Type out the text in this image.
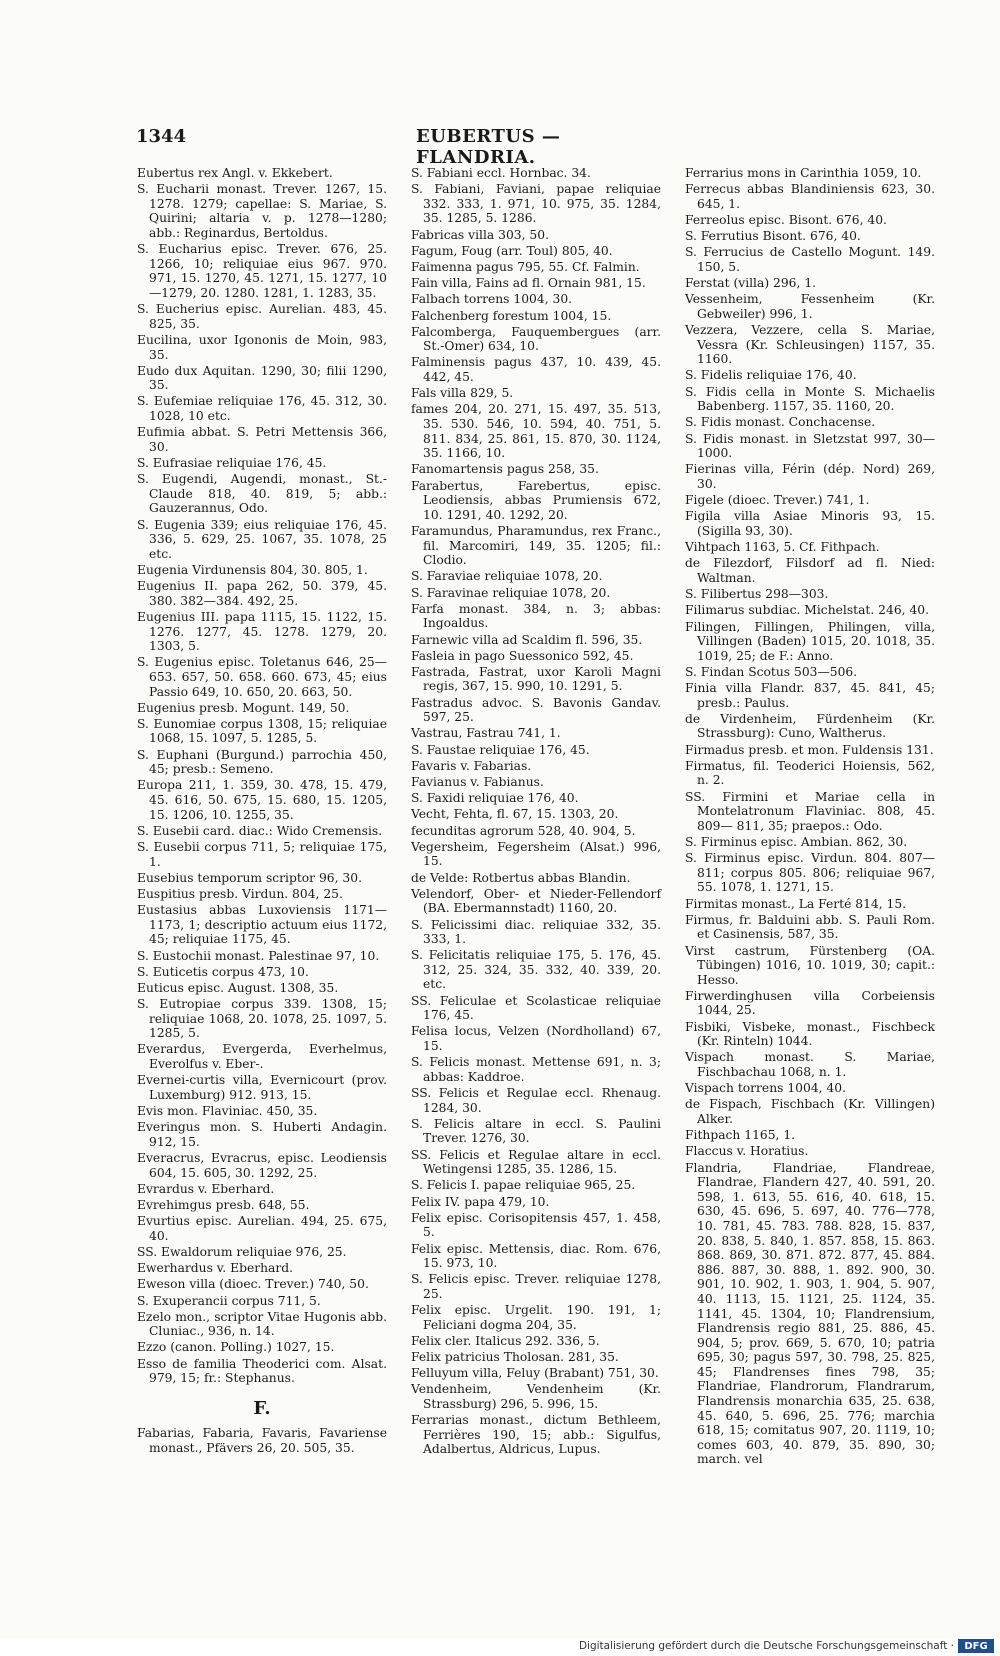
1344	EUBERTUS — FLANDRIA.

Eubertus rex Angl. v. Ekkebert.

S. Eucharii monast. Trever. 1267, 15. 1278. 1279; capellae: S. Mariae, S. Quirini; altaria v. p. 1278—1280; abb.: Reginardus, Bertoldus.

S. Eucharius episc. Trever. 676, 25. 1266, 10; reliquiae eius 967. 970. 971, 15. 1270, 45. 1271, 15. 1277, 10 —1279, 20. 1280. 1281, 1. 1283, 35.

S. Eucherius episc. Aurelian. 483, 45. 825, 35.

Eucilina, uxor Igononis de Moin, 983, 35.

Eudo dux Aquitan. 1290, 30; filii 1290, 35.

S. Eufemiae reliquiae 176, 45. 312, 30. 1028, 10 etc.

Eufimia abbat. S. Petri Mettensis 366, 30.

S. Eufrasiae reliquiae 176, 45.

S. Eugendi, Augendi, monast., St.-Claude 818, 40. 819, 5; abb.: Gauzerannus, Odo.

S. Eugenia 339; eius reliquiae 176, 45. 336, 5. 629, 25. 1067, 35. 1078, 25 etc.

Eugenia Virdunensis 804, 30. 805, 1.

Eugenius II. papa 262, 50. 379, 45. 380. 382—384. 492, 25.

Eugenius III. papa 1115, 15. 1122, 15. 1276. 1277, 45. 1278. 1279, 20. 1303, 5.

S. Eugenius episc. Toletanus 646, 25— 653. 657, 50. 658. 660. 673, 45; eius Passio 649, 10. 650, 20. 663, 50.

Eugenius presb. Mogunt. 149, 50.

S. Eunomiae corpus 1308, 15; reliquiae 1068, 15. 1097, 5. 1285, 5.

S. Euphani (Burgund.) parrochia 450, 45; presb.: Semeno.

Europa 211, 1. 359, 30. 478, 15. 479, 45. 616, 50. 675, 15. 680, 15. 1205, 15. 1206, 10. 1255, 35.

S. Eusebii card. diac.: Wido Cremensis.

S. Eusebii corpus 711, 5; reliquiae 175, 1.

Eusebius temporum scriptor 96, 30.

Euspitius presb. Virdun. 804, 25.

Eustasius abbas Luxoviensis 1171— 1173, 1; descriptio actuum eius 1172, 45; reliquiae 1175, 45.

S. Eustochii monast. Palestinae 97, 10.

S. Euticetis corpus 473, 10.

Euticus episc. August. 1308, 35.

S. Eutropiae corpus 339. 1308, 15; reliquiae 1068, 20. 1078, 25. 1097, 5. 1285, 5.

Everardus, Evergerda, Everhelmus, Everolfus v. Eber-.

Evernei-curtis villa, Evernicourt (prov. Luxemburg) 912. 913, 15.

Evis mon. Flaviniac. 450, 35.

Everingus mon. S. Huberti Andagin. 912, 15.

Everacrus, Evracrus, episc. Leodiensis 604, 15. 605, 30. 1292, 25.

Evrardus v. Eberhard.

Evrehimgus presb. 648, 55.

Evurtius episc. Aurelian. 494, 25. 675, 40.

SS. Ewaldorum reliquiae 976, 25.

Ewerhardus v. Eberhard.

Eweson villa (dioec. Trever.) 740, 50.

S. Exuperancii corpus 711, 5.

Ezelo mon., scriptor Vitae Hugonis abb. Cluniac., 936, n. 14.

Ezzo (canon. Polling.) 1027, 15.

Esso de familia Theoderici com. Alsat. 979, 15; fr.: Stephanus.

F.

Fabarias, Fabaria, Favaris, Favariense monast., Pfävers 26, 20. 505, 35.

S. Fabiani eccl. Hornbac. 34.

S. Fabiani, Faviani, papae reliquiae 332. 333, 1. 971, 10. 975, 35. 1284, 35. 1285, 5. 1286.

Fabricas villa 303, 50.

Fagum, Foug (arr. Toul) 805, 40.

Faimenna pagus 795, 55. Cf. Falmin.

Fain villa, Fains ad fl. Ornain 981, 15.

Falbach torrens 1004, 30.

Falchenberg forestum 1004, 15.

Falcomberga, Fauquembergues (arr. St.-Omer) 634, 10.

Falminensis pagus 437, 10. 439, 45. 442, 45.

Fals villa 829, 5.

fames 204, 20. 271, 15. 497, 35. 513, 35. 530. 546, 10. 594, 40. 751, 5. 811. 834, 25. 861, 15. 870, 30. 1124, 35. 1166, 10.

Fanomartensis pagus 258, 35.

Farabertus, Farebertus, episc. Leodiensis, abbas Prumiensis 672, 10. 1291, 40. 1292, 20.

Faramundus, Pharamundus, rex Franc., fil. Marcomiri, 149, 35. 1205; fil.: Clodio.

S. Faraviae reliquiae 1078, 20.

S. Faravinae reliquiae 1078, 20.

Farfa monast. 384, n. 3; abbas: Ingoaldus.

Farnewic villa ad Scaldim fl. 596, 35.

Fasleia in pago Suessonico 592, 45.

Fastrada, Fastrat, uxor Karoli Magni regis, 367, 15. 990, 10. 1291, 5.

Fastradus advoc. S. Bavonis Gandav. 597, 25.

Vastrau, Fastrau 741, 1.

S. Faustae reliquiae 176, 45.

Favaris v. Fabarias.

Favianus v. Fabianus.

S. Faxidi reliquiae 176, 40.

Vecht, Fehta, fl. 67, 15. 1303, 20.

fecunditas agrorum 528, 40. 904, 5.

Vegersheim, Fegersheim (Alsat.) 996, 15.

de Velde: Rotbertus abbas Blandin.

Velendorf, Ober- et Nieder-Fellendorf (BA. Ebermannstadt) 1160, 20.

S. Felicissimi diac. reliquiae 332, 35. 333, 1.

S. Felicitatis reliquiae 175, 5. 176, 45. 312, 25. 324, 35. 332, 40. 339, 20. etc.

SS. Feliculae et Scolasticae reliquiae 176, 45.

Felisa locus, Velzen (Nordholland) 67, 15.

S. Felicis monast. Mettense 691, n. 3; abbas: Kaddroe.

SS. Felicis et Regulae eccl. Rhenaug. 1284, 30.

S. Felicis altare in eccl. S. Paulini Trever. 1276, 30.

SS. Felicis et Regulae altare in eccl. Wetingensi 1285, 35. 1286, 15.

S. Felicis I. papae reliquiae 965, 25.

Felix IV. papa 479, 10.

Felix episc. Corisopitensis 457, 1. 458, 5.

Felix episc. Mettensis, diac. Rom. 676, 15. 973, 10.

S. Felicis episc. Trever. reliquiae 1278, 25.

Felix episc. Urgelit. 190. 191, 1; Feliciani dogma 204, 35.

Felix cler. Italicus 292. 336, 5.

Felix patricius Tholosan. 281, 35.

Felluyum villa, Feluy (Brabant) 751, 30.

Vendenheim, Vendenheim (Kr. Strassburg) 296, 5. 996, 15.

Ferrarias monast., dictum Bethleem, Ferrières 190, 15; abb.: Sigulfus, Adalbertus, Aldricus, Lupus.

Ferrarius mons in Carinthia 1059, 10.

Ferrecus abbas Blandiniensis 623, 30. 645, 1.

Ferreolus episc. Bisont. 676, 40.

S. Ferrutius Bisont. 676, 40.

S. Ferrucius de Castello Mogunt. 149. 150, 5.

Ferstat (villa) 296, 1.

Vessenheim, Fessenheim (Kr. Gebweiler) 996, 1.

Vezzera, Vezzere, cella S. Mariae, Vessra (Kr. Schleusingen) 1157, 35. 1160.

S. Fidelis reliquiae 176, 40.

S. Fidis cella in Monte S. Michaelis Babenberg. 1157, 35. 1160, 20.

S. Fidis monast. Conchacense.

S. Fidis monast. in Sletzstat 997, 30— 1000.

Fierinas villa, Férin (dép. Nord) 269, 30.

Figele (dioec. Trever.) 741, 1.

Figila villa Asiae Minoris 93, 15. (Sigilla 93, 30).

Vihtpach 1163, 5. Cf. Fithpach.

de Filezdorf, Filsdorf ad fl. Nied: Waltman.

S. Filibertus 298—303.

Filimarus subdiac. Michelstat. 246, 40.

Filingen, Fillingen, Philingen, villa, Villingen (Baden) 1015, 20. 1018, 35. 1019, 25; de F.: Anno.

S. Findan Scotus 503—506.

Finia villa Flandr. 837, 45. 841, 45; presb.: Paulus.

de Virdenheim, Fürdenheim (Kr. Strassburg): Cuno, Waltherus.

Firmadus presb. et mon. Fuldensis 131.

Firmatus, fil. Teoderici Hoiensis, 562, n. 2.

SS. Firmini et Mariae cella in Montelatronum Flaviniac. 808, 45. 809— 811, 35; praepos.: Odo.

S. Firminus episc. Ambian. 862, 30.

S. Firminus episc. Virdun. 804. 807— 811; corpus 805. 806; reliquiae 967, 55. 1078, 1. 1271, 15.

Firmitas monast., La Ferté 814, 15.

Firmus, fr. Balduini abb. S. Pauli Rom. et Casinensis, 587, 35.

Virst castrum, Fürstenberg (OA. Tübingen) 1016, 10. 1019, 30; capit.: Hesso.

Firwerdinghusen villa Corbeiensis 1044, 25.

Fisbiki, Visbeke, monast., Fischbeck (Kr. Rinteln) 1044.

Vispach monast. S. Mariae, Fischbachau 1068, n. 1.

Vispach torrens 1004, 40.

de Fispach, Fischbach (Kr. Villingen) Alker.

Fithpach 1165, 1.

Flaccus v. Horatius.

Flandria, Flandriae, Flandreae, Flandrae, Flandern 427, 40. 591, 20. 598, 1. 613, 55. 616, 40. 618, 15. 630, 45. 696, 5. 697, 40. 776—778, 10. 781, 45. 783. 788. 828, 15. 837, 20. 838, 5. 840, 1. 857. 858, 15. 863. 868. 869, 30. 871. 872. 877, 45. 884. 886. 887, 30. 888, 1. 892. 900, 30. 901, 10. 902, 1. 903, 1. 904, 5. 907, 40. 1113, 15. 1121, 25. 1124, 35. 1141, 45. 1304, 10; Flandrensium, Flandrensis regio 881, 25. 886, 45. 904, 5; prov. 669, 5. 670, 10; patria 695, 30; pagus 597, 30. 798, 25. 825, 45; Flandrenses fines 798, 35; Flandriae, Flandrorum, Flandrarum, Flandrensis monarchia 635, 25. 638, 45. 640, 5. 696, 25. 776; marchia 618, 15; comitatus 907, 20. 1119, 10; comes 603, 40. 879, 35. 890, 30; march. vel

Digitalisierung gefördert durch die Deutsche Forschungsgemeinschaft ·	DFG
